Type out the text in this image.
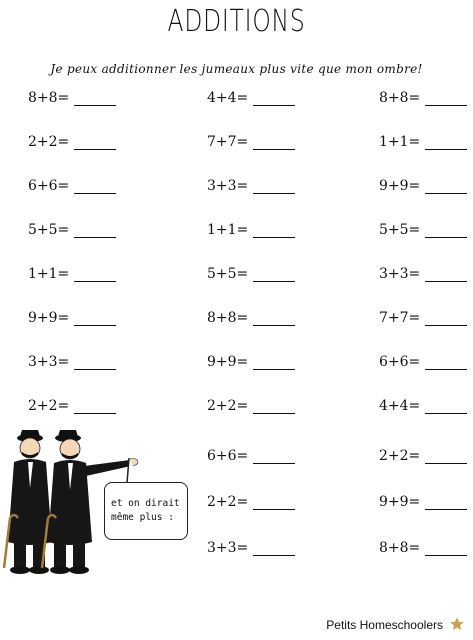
ADDITIONS
Je peux additionner les jumeaux plus vite que mon ombre!
8+8=
2+2=
6+6=
5+5=
1+1=
9+9=
3+3=
2+2=
4+4=
7+7=
3+3=
1+1=
5+5=
8+8=
9+9=
2+2=
6+6=
2+2=
3+3=
8+8=
1+1=
9+9=
5+5=
3+3=
7+7=
6+6=
4+4=
2+2=
9+9=
8+8=
et on dirait
même plus :
Petits Homeschoolers
